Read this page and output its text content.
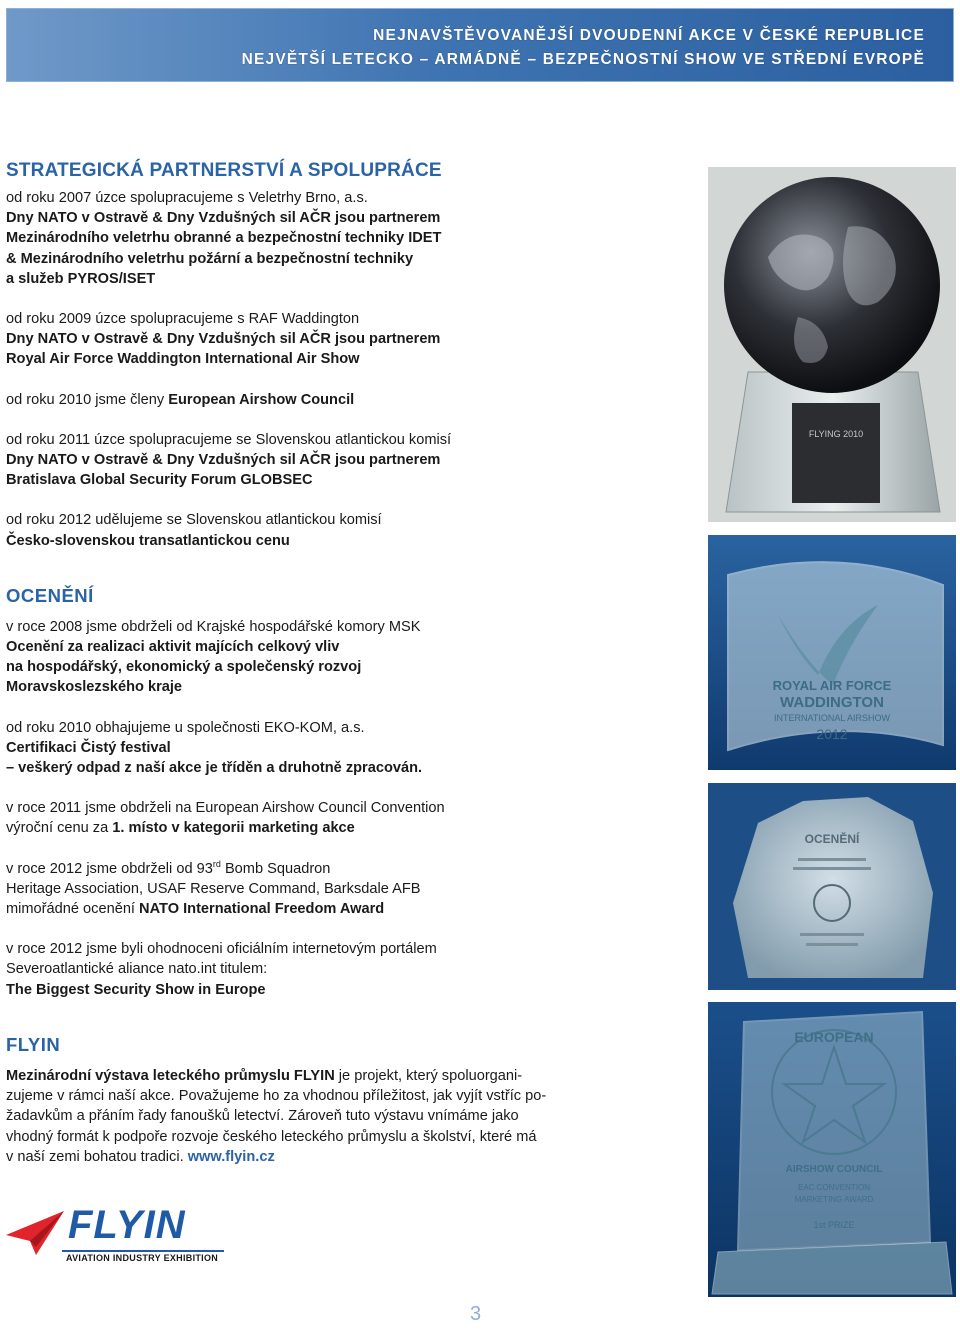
NEJNAVŠTĚVOVANĚJŠÍ DVOUDENNÍ AKCE V ČESKÉ REPUBLICE
NEJVĚTŠÍ LETECKO – ARMÁDNĚ – BEZPEČNOSTNÍ SHOW VE STŘEDNÍ EVROPĚ
STRATEGICKÁ PARTNERSTVÍ A SPOLUPRÁCE

od roku 2007 úzce spolupracujeme s Veletrhy Brno, a.s.

Dny NATO v Ostravě & Dny Vzdušných sil AČR jsou partnerem

Mezinárodního veletrhu obranné a bezpečnostní techniky IDET

& Mezinárodního veletrhu požární a bezpečnostní techniky

a služeb PYROS/ISET

od roku 2009 úzce spolupracujeme s RAF Waddington

Dny NATO v Ostravě & Dny Vzdušných sil AČR jsou partnerem

Royal Air Force Waddington International Air Show

od roku 2010 jsme členy European Airshow Council

od roku 2011 úzce spolupracujeme se Slovenskou atlantickou komisí

Dny NATO v Ostravě & Dny Vzdušných sil AČR jsou partnerem

Bratislava Global Security Forum GLOBSEC

od roku 2012 udělujeme se Slovenskou atlantickou komisí

Česko-slovenskou transatlantickou cenu

OCENĚNÍ

v roce 2008 jsme obdrželi od Krajské hospodářské komory MSK

Ocenění za realizaci aktivit majících celkový vliv

na hospodářský, ekonomický a společenský rozvoj

Moravskoslezského kraje

od roku 2010 obhajujeme u společnosti EKO-KOM, a.s.

Certifikaci Čistý festival

– veškerý odpad z naší akce je tříděn a druhotně zpracován.

v roce 2011 jsme obdrželi na European Airshow Council Convention

výroční cenu za 1. místo v kategorii marketing akce

v roce 2012 jsme obdrželi od 93rd Bomb Squadron

Heritage Association, USAF Reserve Command, Barksdale AFB

mimořádné ocenění NATO International Freedom Award

v roce 2012 jsme byli ohodnoceni oficiálním internetovým portálem

Severoatlantické aliance nato.int titulem:

The Biggest Security Show in Europe

FLYIN

Mezinárodní výstava leteckého průmyslu FLYIN je projekt, který spoluorgani-

zujeme v rámci naší akce. Považujeme ho za vhodnou příležitost, jak vyjít vstříc po-

žadavkům a přáním řady fanoušků letectví. Zároveň tuto výstavu vnímáme jako

vhodný formát k podpoře rozvoje českého leteckého průmyslu a školství, které má

v naší zemi bohatou tradici. www.flyin.cz

FLYIN
AVIATION INDUSTRY EXHIBITION
FLYING 2010
ROYAL AIR FORCE
WADDINGTON
INTERNATIONAL AIRSHOW
2012
OCENĚNÍ
EUROPEAN
AIRSHOW COUNCIL
EAC CONVENTION
MARKETING AWARD
1st PRIZE
3
